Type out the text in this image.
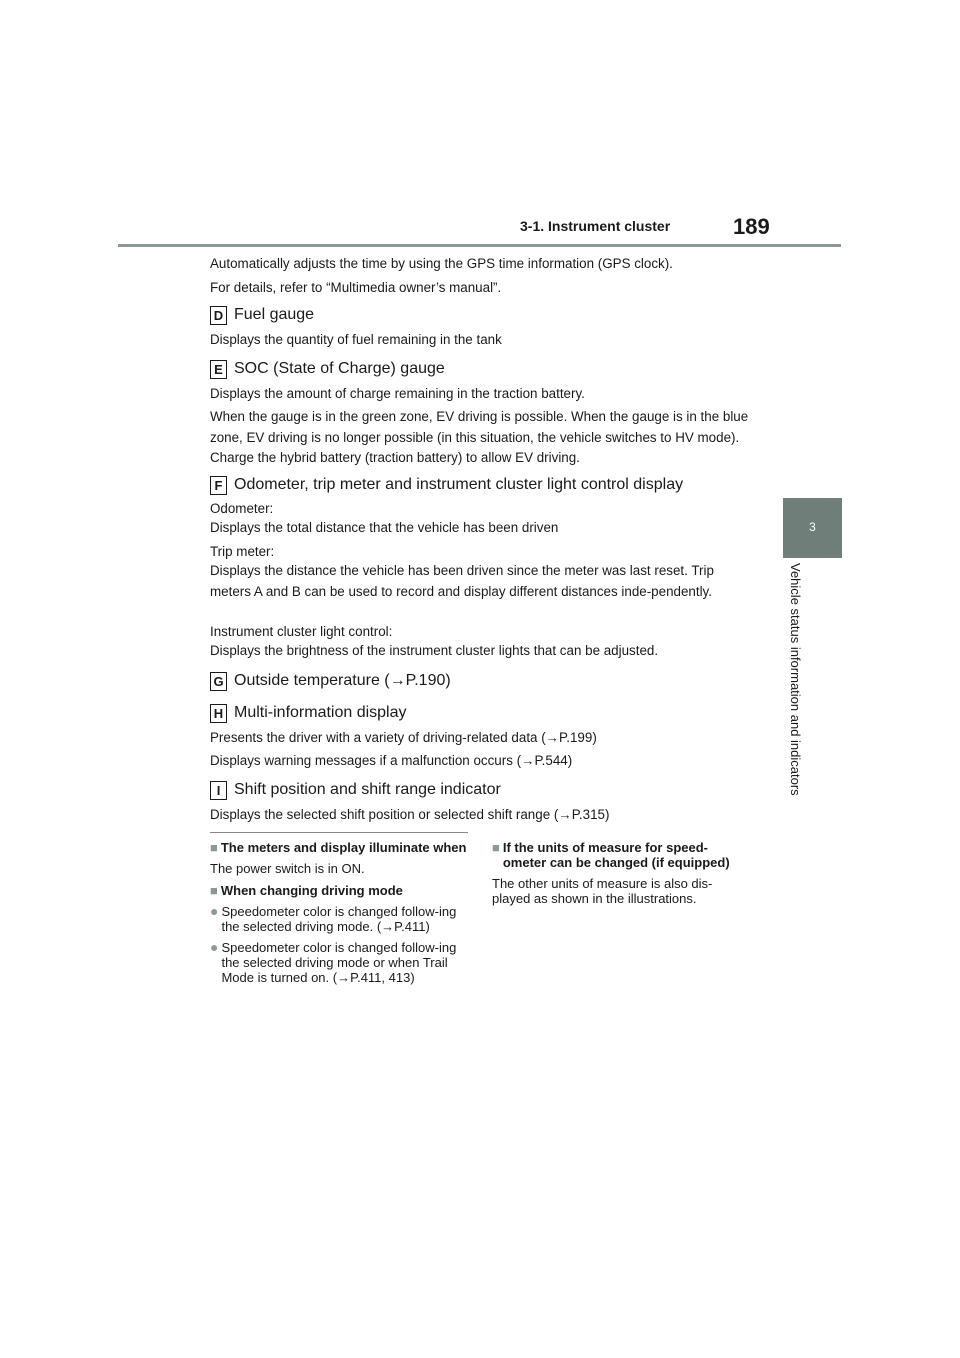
3-1. Instrument cluster	189
3
Vehicle status information and indicators

Automatically adjusts the time by using the GPS time information (GPS clock).

For details, refer to “Multimedia owner’s manual”.

D Fuel gauge

Displays the quantity of fuel remaining in the tank

E SOC (State of Charge) gauge

Displays the amount of charge remaining in the traction battery.

When the gauge is in the green zone, EV driving is possible. When the gauge is in the blue zone, EV driving is no longer possible (in this situation, the vehicle switches to HV mode). Charge the hybrid battery (traction battery) to allow EV driving.

F Odometer, trip meter and instrument cluster light control display

Odometer:

Displays the total distance that the vehicle has been driven

Trip meter:

Displays the distance the vehicle has been driven since the meter was last reset. Trip meters A and B can be used to record and display different distances inde-pendently.

Instrument cluster light control:

Displays the brightness of the instrument cluster lights that can be adjusted.

G Outside temperature (→P.190)
H Multi-information display

Presents the driver with a variety of driving-related data (→P.199)

Displays warning messages if a malfunction occurs (→P.544)

I Shift position and shift range indicator

Displays the selected shift position or selected shift range (→P.315)

■ The meters and display illuminate when

The power switch is in ON.

■ When changing driving mode
● Speedometer color is changed follow-ing the selected driving mode. (→P.411)
● Speedometer color is changed follow-ing the selected driving mode or when Trail Mode is turned on. (→P.411, 413)
■ If the units of measure for speed-ometer can be changed (if equipped)

The other units of measure is also dis-played as shown in the illustrations.
